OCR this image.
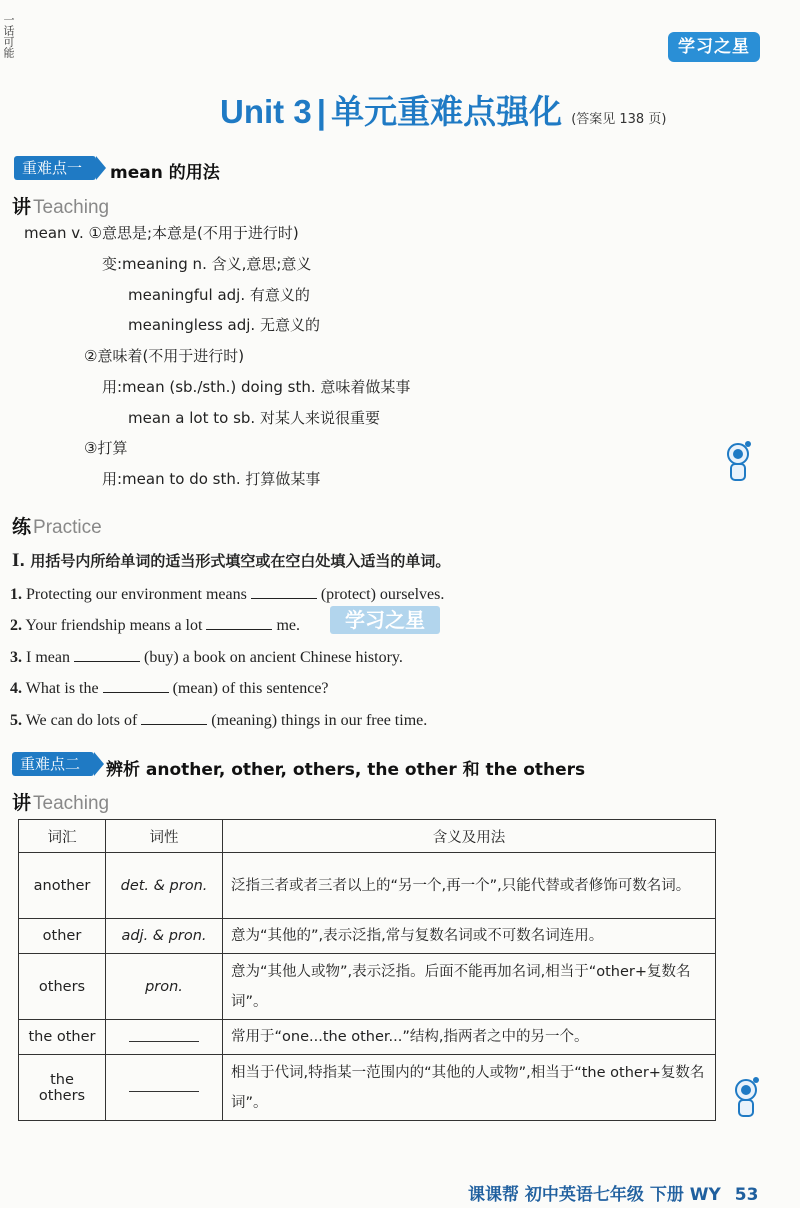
一话可能	学习之星
Unit 3 | 单元重难点强化 (答案见 138 页)
重难点一	mean 的用法
讲 Teaching
mean v. ①意思是;本意是(不用于进行时)
变:meaning n. 含义,意思;意义
meaningful adj. 有意义的
meaningless adj. 无意义的
②意味着(不用于进行时)
用:mean (sb./sth.) doing sth. 意味着做某事
mean a lot to sb. 对某人来说很重要
③打算
用:mean to do sth. 打算做某事
练 Practice
I. 用括号内所给单词的适当形式填空或在空白处填入适当的单词。
1. Protecting our environment means	(protect) ourselves.
2. Your friendship means a lot	me.	学习之星
3. I mean	(buy) a book on ancient Chinese history.
4. What is the	(mean) of this sentence?
5. We can do lots of	(meaning) things in our free time.
重难点二	辨析 another, other, others, the other 和 the others
讲 Teaching
词汇	词性	含义及用法
another	det. & pron.	泛指三者或者三者以上的“另一个,再一个”,只能代替或者修饰可数名词。
other	adj. & pron.	意为“其他的”,表示泛指,常与复数名词或不可数名词连用。
others	pron.	意为“其他人或物”,表示泛指。后面不能再加名词,相当于“other+复数名词”。
the other		常用于“one...the other...”结构,指两者之中的另一个。
the others		相当于代词,特指某一范围内的“其他的人或物”,相当于“the other+复数名词”。
课课帮 初中英语七年级 下册 WY 53
